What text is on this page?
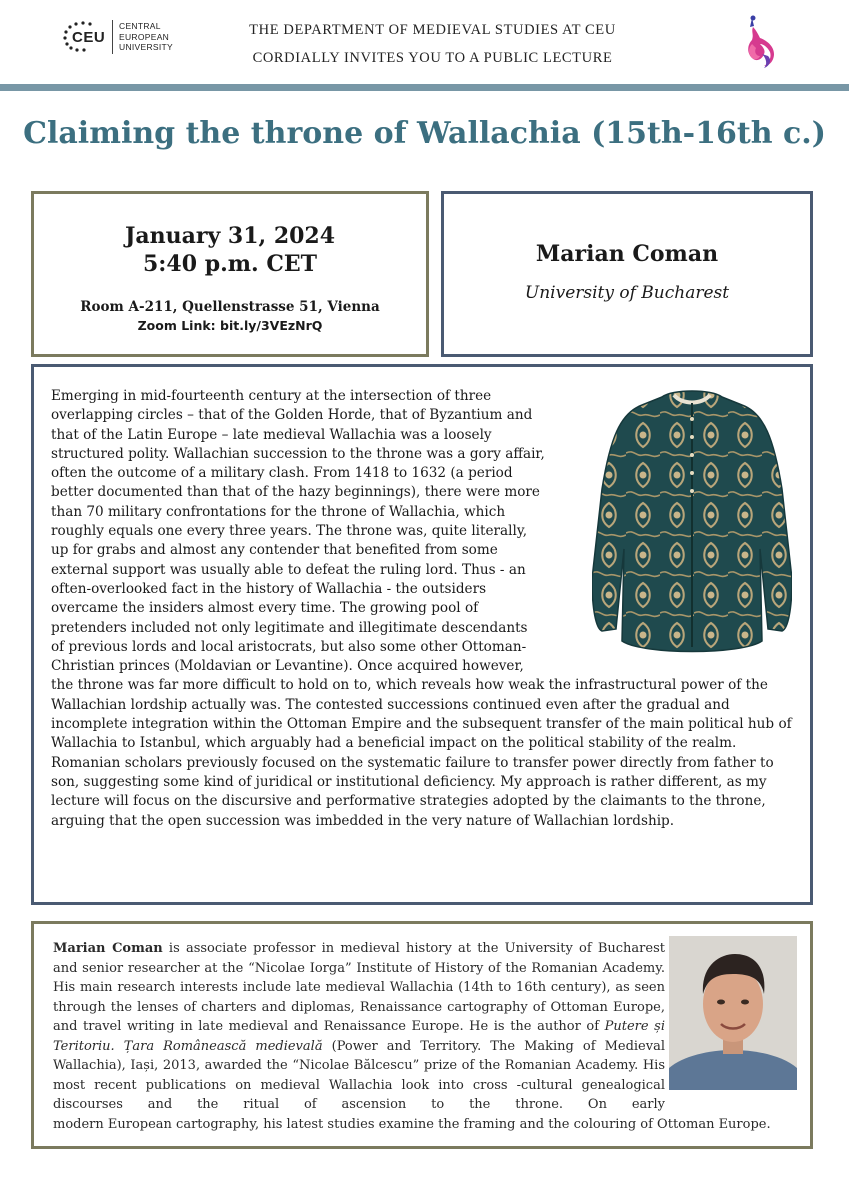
CEU
CENTRAL
EUROPEAN
UNIVERSITY
THE DEPARTMENT OF MEDIEVAL STUDIES AT CEU
CORDIALLY INVITES YOU TO A PUBLIC LECTURE
Claiming the throne of Wallachia (15th-16th c.)
January 31, 2024
5:40 p.m. CET
Room A-211, Quellenstrasse 51, Vienna
Zoom Link: bit.ly/3VEzNrQ
Marian Coman
University of Bucharest

Emerging in mid-fourteenth century at the intersection of three
overlapping circles – that of the Golden Horde, that of Byzantium and
that of the Latin Europe – late medieval Wallachia was a loosely
structured polity. Wallachian succession to the throne was a gory affair,
often the outcome of a military clash. From 1418 to 1632 (a period
better documented than that of the hazy beginnings), there were more
than 70 military confrontations for the throne of Wallachia, which
roughly equals one every three years. The throne was, quite literally,
up for grabs and almost any contender that benefited from some
external support was usually able to defeat the ruling lord. Thus - an
often-overlooked fact in the history of Wallachia - the outsiders
overcame the insiders almost every time. The growing pool of
pretenders included not only legitimate and illegitimate descendants
of previous lords and local aristocrats, but also some other Ottoman-
Christian princes (Moldavian or Levantine). Once acquired however,
the throne was far more difficult to hold on to, which reveals how weak the infrastructural power of the Wallachian lordship actually was. The contested successions continued even after the gradual and incomplete integration within the Ottoman Empire and the subsequent transfer of the main political hub of Wallachia to Istanbul, which arguably had a beneficial impact on the political stability of the realm. Romanian scholars previously focused on the systematic failure to transfer power directly from father to son, suggesting some kind of juridical or institutional deficiency. My approach is rather different, as my lecture will focus on the discursive and performative strategies adopted by the claimants to the throne, arguing that the open succession was imbedded in the very nature of Wallachian lordship.

Marian Coman is associate professor in medieval history at the University of Bucharest and senior researcher at the “Nicolae Iorga” Institute of History of the Romanian Academy. His main research interests include late medieval Wallachia (14th to 16th century), as seen through the lenses of charters and diplomas, Renaissance cartography of Ottoman Europe, and travel writing in late medieval and Renaissance Europe. He is the author of Putere și Teritoriu. Țara Românească medievală (Power and Territory. The Making of Medieval Wallachia), Iași, 2013, awarded the “Nicolae Bălcescu” prize of the Romanian Academy. His most recent publications on medieval Wallachia look into cross -cultural genealogical discourses and the ritual of ascension to the throne. On early
modern European cartography, his latest studies examine the framing and the colouring of Ottoman Europe.
